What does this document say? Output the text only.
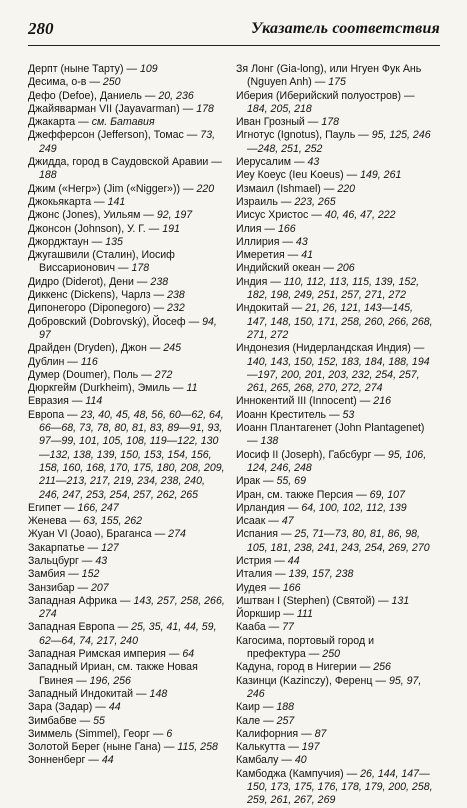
280	Указатель соответствия

Дерпт (ныне Тарту) — 109

Десима, о-в — 250

Дефо (Defoe), Даниель — 20, 236

Джайяварман VII (Jayavarman) — 178

Джакарта — см. Батавия

Джефферсон (Jefferson), Томас — 73, 249

Джидда, город в Саудовской Аравии — 188

Джим («Негр») (Jim («Nigger»)) — 220

Джокьякарта — 141

Джонс (Jones), Уильям — 92, 197

Джонсон (Johnson), У. Г. — 191

Джорджтаун — 135

Джугашвили (Сталин), Иосиф Виссарионович — 178

Дидро (Diderot), Дени — 238

Диккенс (Dickens), Чарлз — 238

Дипонегоро (Diponegoro) — 232

Добровский (Dobrovský), Йосеф — 94, 97

Драйден (Dryden), Джон — 245

Дублин — 116

Думер (Doumer), Поль — 272

Дюркгейм (Durkheim), Эмиль — 11

Евразия — 114

Европа — 23, 40, 45, 48, 56, 60—62, 64, 66—68, 73, 78, 80, 81, 83, 89—91, 93, 97—99, 101, 105, 108, 119—122, 130—132, 138, 139, 150, 153, 154, 156, 158, 160, 168, 170, 175, 180, 208, 209, 211—213, 217, 219, 234, 238, 240, 246, 247, 253, 254, 257, 262, 265

Египет — 166, 247

Женева — 63, 155, 262

Жуан VI (Joao), Браганса — 274

Закарпатье — 127

Зальцбург — 43

Замбия — 152

Занзибар — 207

Западная Африка — 143, 257, 258, 266, 274

Западная Европа — 25, 35, 41, 44, 59, 62—64, 74, 217, 240

Западная Римская империя — 64

Западный Ириан, см. также Новая Гвинея — 196, 256

Западный Индокитай — 148

Зара (Задар) — 44

Зимбабве — 55

Зиммель (Simmel), Георг — 6

Золотой Берег (ныне Гана) — 115, 258

Зонненберг — 44

Зя Лонг (Gia-long), или Нгуен Фук Ань (Nguyen Anh) — 175

Иберия (Иберийский полуостров) — 184, 205, 218

Иван Грозный — 178

Игнотус (Ignotus), Пауль — 95, 125, 246—248, 251, 252

Иерусалим — 43

Иеу Коеус (Ieu Koeus) — 149, 261

Измаил (Ishmael) — 220

Израиль — 223, 265

Иисус Христос — 40, 46, 47, 222

Илия — 166

Иллирия — 43

Имеретия — 41

Индийский океан — 206

Индия — 110, 112, 113, 115, 139, 152, 182, 198, 249, 251, 257, 271, 272

Индокитай — 21, 26, 121, 143—145, 147, 148, 150, 171, 258, 260, 266, 268, 271, 272

Индонезия (Нидерландская Индия) — 140, 143, 150, 152, 183, 184, 188, 194—197, 200, 201, 203, 232, 254, 257, 261, 265, 268, 270, 272, 274

Иннокентий III (Innocent) — 216

Иоанн Креститель — 53

Иоанн Плантагенет (John Plantagenet) — 138

Иосиф II (Joseph), Габсбург — 95, 106, 124, 246, 248

Ирак — 55, 69

Иран, см. также Персия — 69, 107

Ирландия — 64, 100, 102, 112, 139

Исаак — 47

Испания — 25, 71—73, 80, 81, 86, 98, 105, 181, 238, 241, 243, 254, 269, 270

Истрия — 44

Италия — 139, 157, 238

Иудея — 166

Иштван I (Stephen) (Святой) — 131

Йоркшир — 111

Кааба — 77

Кагосима, портовый город и префектура — 250

Кадуна, город в Нигерии — 256

Казинци (Kazinczy), Ференц — 95, 97, 246

Каир — 188

Кале — 257

Калифорния — 87

Калькутта — 197

Камбалу — 40

Камбоджа (Кампучия) — 26, 144, 147—150, 173, 175, 176, 178, 179, 200, 258, 259, 261, 267, 269
